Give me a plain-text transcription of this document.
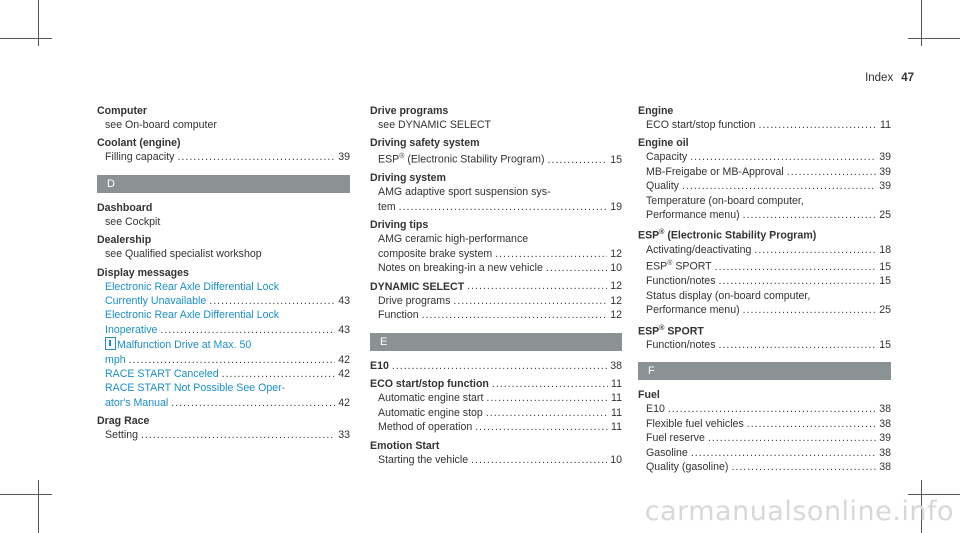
Index 47
Computer
see On-board computer
Coolant (engine)
Filling capacity .....	39
D
Dashboard
see Cockpit
Dealership
see Qualified specialist workshop
Display messages
Electronic Rear Axle Differential Lock
Currently Unavailable .....	43
Electronic Rear Axle Differential Lock
Inoperative .....	43
Malfunction Drive at Max. 50
mph .....	42
RACE START Canceled .....	42
RACE START Not Possible See Oper-
ator's Manual .....	42
Drag Race
Setting .....	33
Drive programs
see DYNAMIC SELECT
Driving safety system
ESP® (Electronic Stability Program) .....	15
Driving system
AMG adaptive sport suspension sys-
tem .....	19
Driving tips
AMG ceramic high-performance
composite brake system .....	12
Notes on breaking-in a new vehicle .....	10
DYNAMIC SELECT .....	12
Drive programs .....	12
Function .....	12
E
E10 .....	38
ECO start/stop function .....	11
Automatic engine start .....	11
Automatic engine stop .....	11
Method of operation .....	11
Emotion Start
Starting the vehicle .....	10
Engine
ECO start/stop function .....	11
Engine oil
Capacity .....	39
MB-Freigabe or MB-Approval .....	39
Quality .....	39
Temperature (on-board computer,
Performance menu) .....	25
ESP® (Electronic Stability Program)
Activating/deactivating .....	18
ESP® SPORT .....	15
Function/notes .....	15
Status display (on-board computer,
Performance menu) .....	25
ESP® SPORT
Function/notes .....	15
F
Fuel
E10 .....	38
Flexible fuel vehicles .....	38
Fuel reserve .....	39
Gasoline .....	38
Quality (gasoline) .....	38
carmanualsonline.info
